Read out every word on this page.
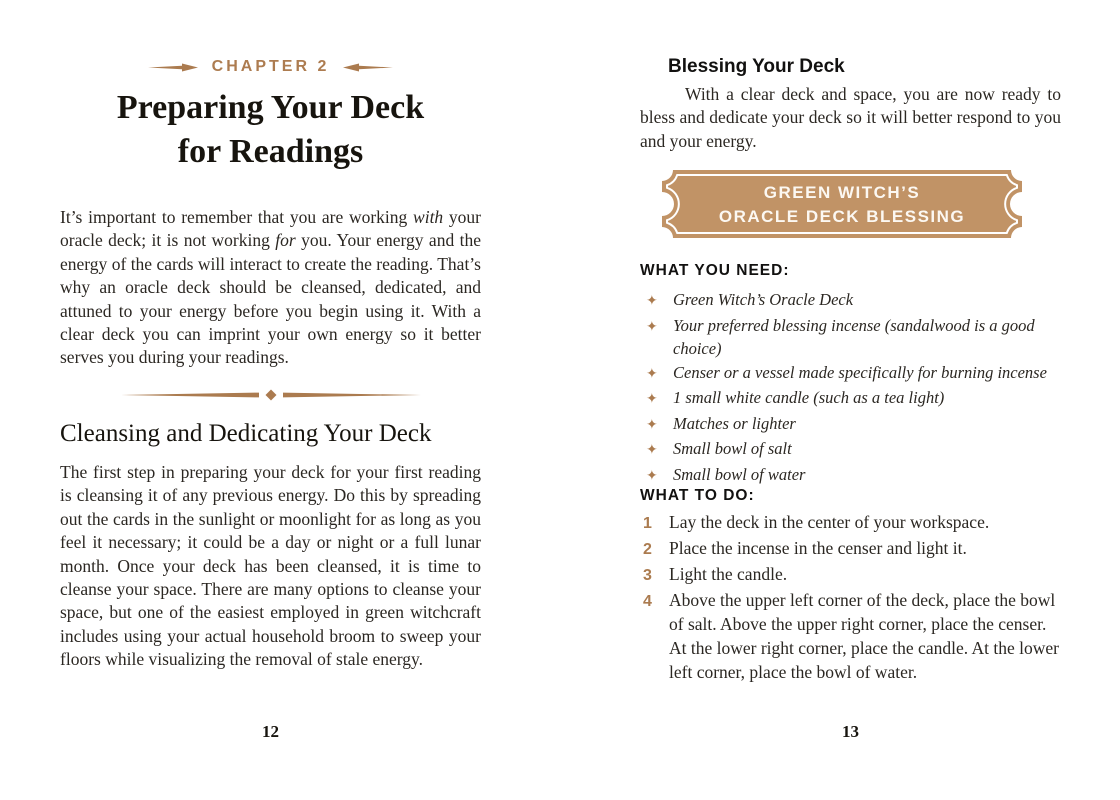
CHAPTER 2
Preparing Your Deck
for Readings

It’s important to remember that you are working with your oracle deck; it is not working for you. Your energy and the energy of the cards will interact to create the reading. That’s why an oracle deck should be cleansed, dedicated, and attuned to your energy before you begin using it. With a clear deck you can imprint your own energy so it better serves you during your readings.

Cleansing and Dedicating Your Deck

The first step in preparing your deck for your first reading is cleansing it of any previous energy. Do this by spreading out the cards in the sunlight or moonlight for as long as you feel it necessary; it could be a day or night or a full lunar month. Once your deck has been cleansed, it is time to cleanse your space. There are many options to cleanse your space, but one of the easiest employed in green witchcraft includes using your actual household broom to sweep your floors while visualizing the removal of stale energy.

12
Blessing Your Deck

With a clear deck and space, you are now ready to bless and dedicate your deck so it will better respond to you and your energy.

GREEN WITCH’S
ORACLE DECK BLESSING
WHAT YOU NEED:
✦ Green Witch’s Oracle Deck
✦ Your preferred blessing incense (sandalwood is a good choice)
✦ Censer or a vessel made specifically for burning incense
✦ 1 small white candle (such as a tea light)
✦ Matches or lighter
✦ Small bowl of salt
✦ Small bowl of water
WHAT TO DO:
1 Lay the deck in the center of your workspace.
2 Place the incense in the censer and light it.
3 Light the candle.
4 Above the upper left corner of the deck, place the bowl of salt. Above the upper right corner, place the censer. At the lower right corner, place the candle. At the lower left corner, place the bowl of water.
13
